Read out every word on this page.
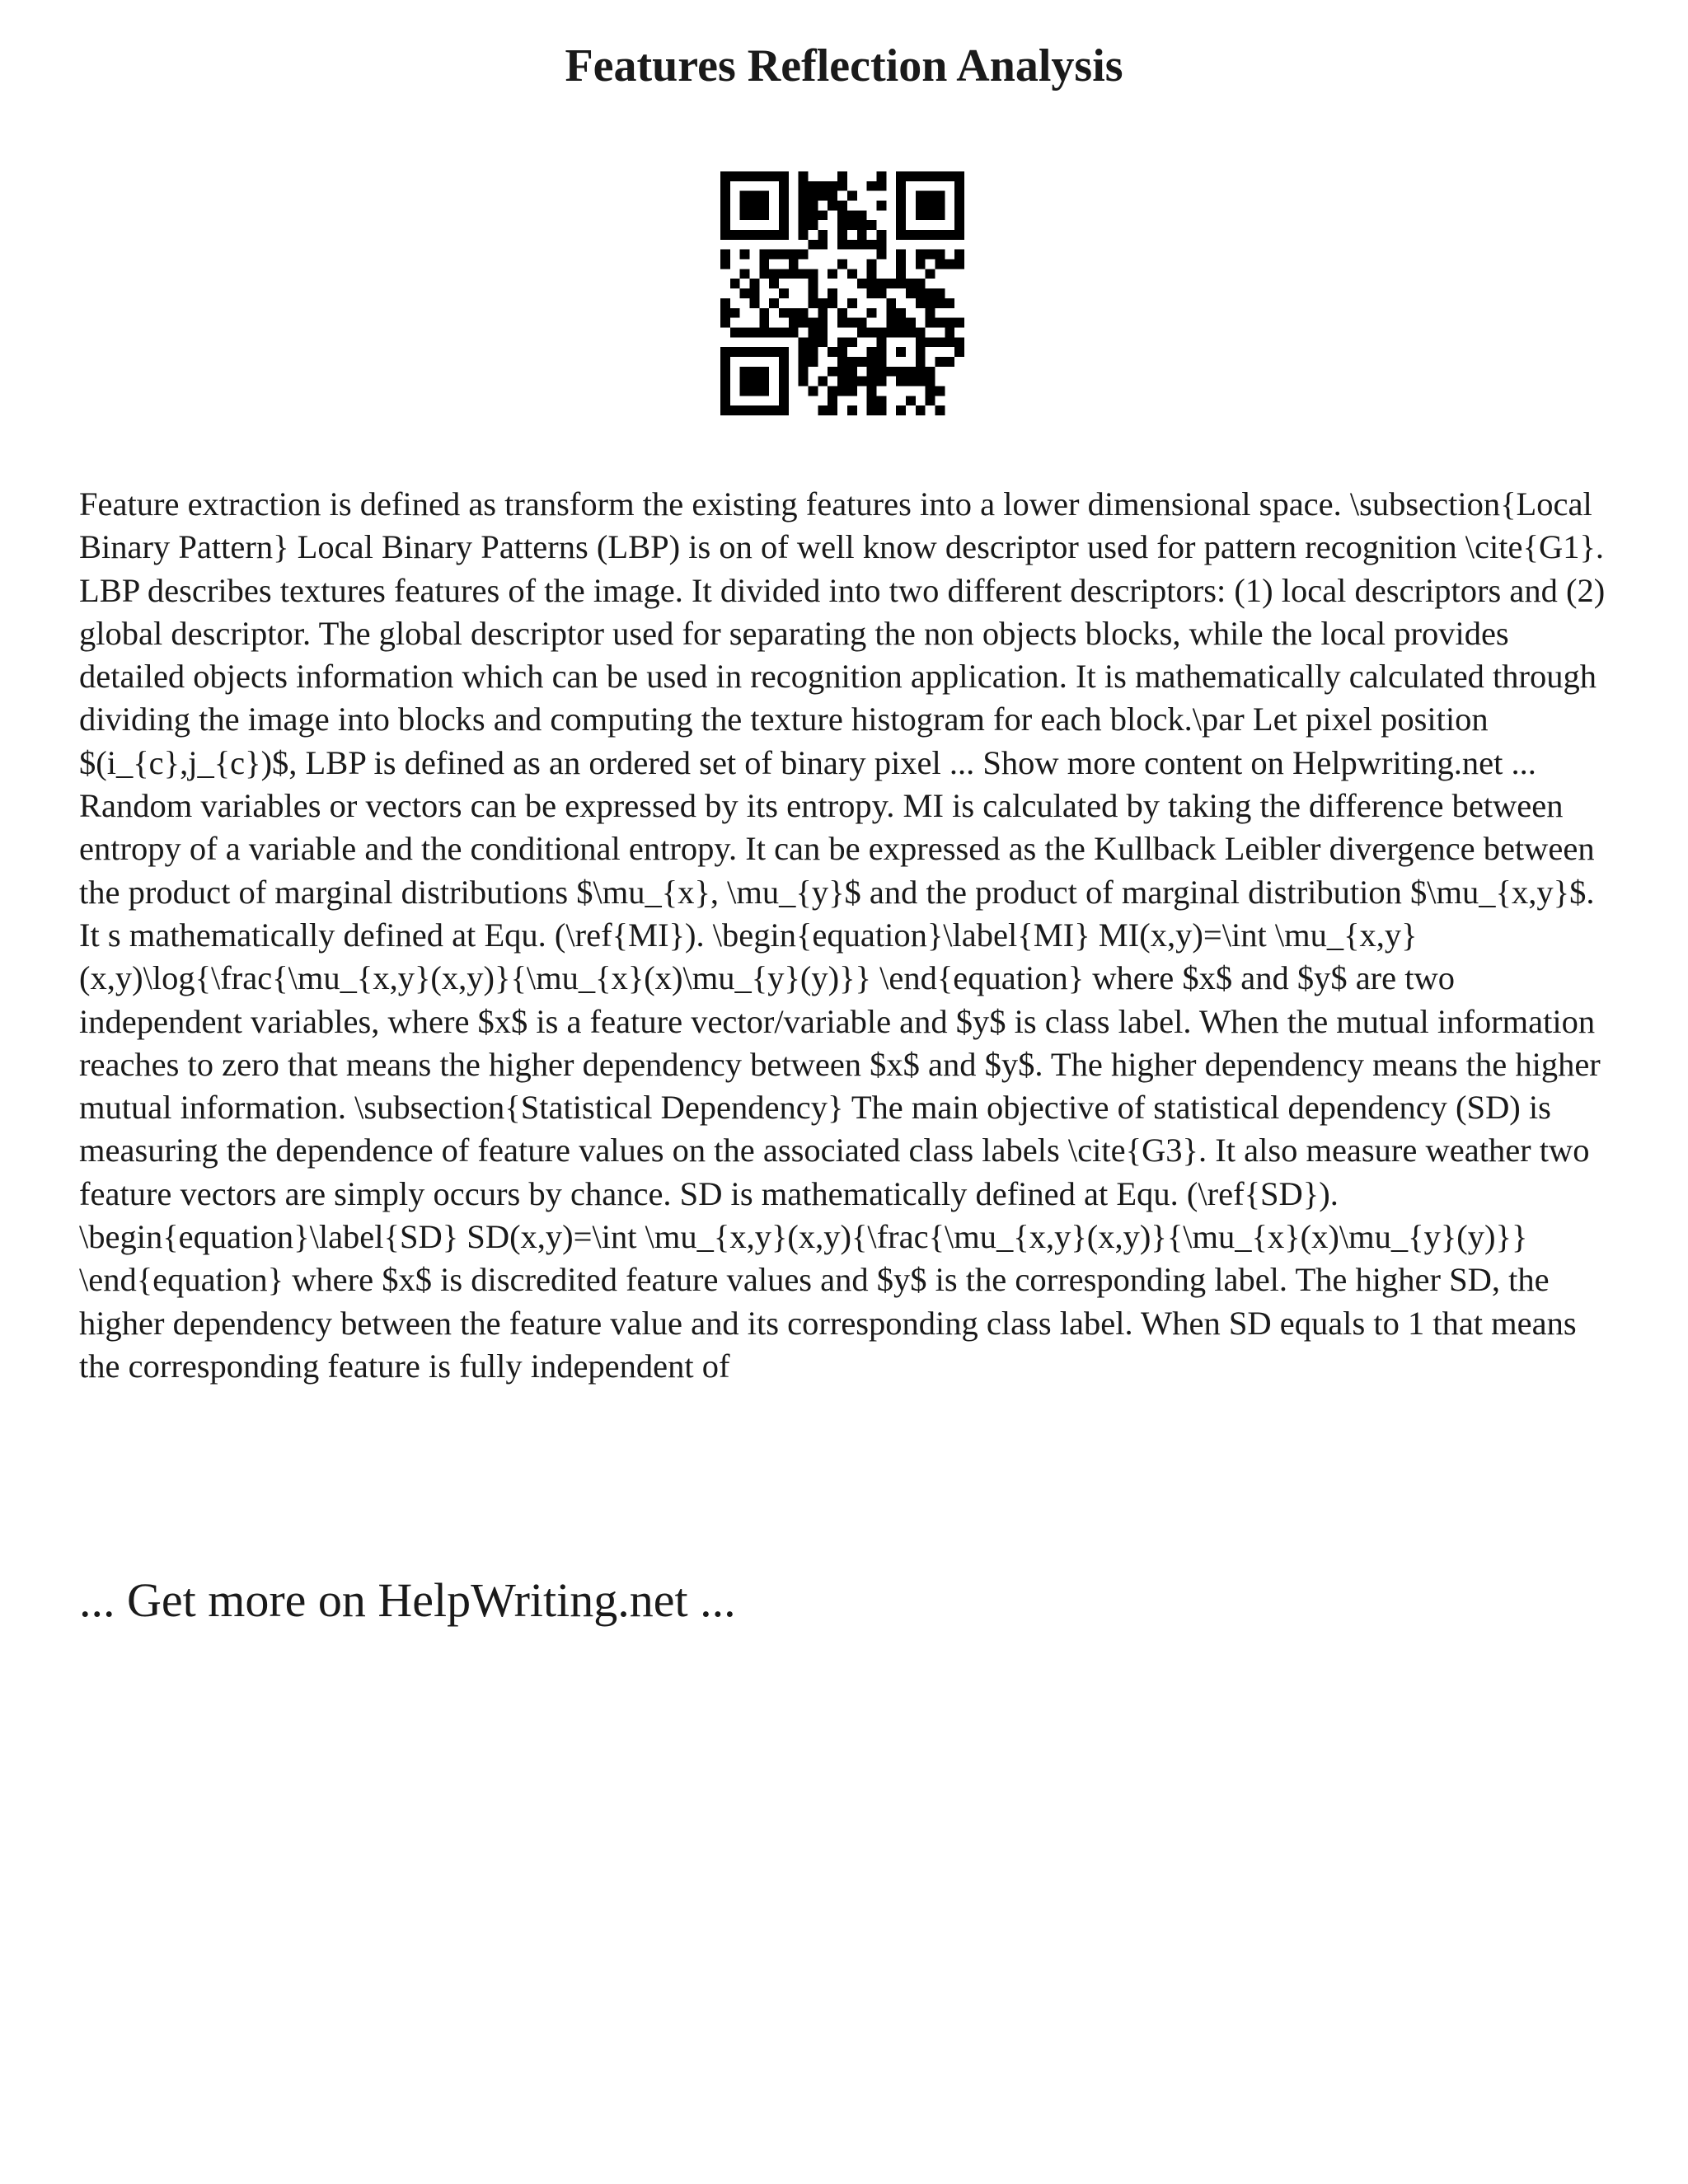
Features Reflection Analysis

Feature extraction is defined as transform the existing features into a lower dimensional space. \subsection{Local Binary Pattern} Local Binary Patterns (LBP) is on of well know descriptor used for pattern recognition \cite{G1}. LBP describes textures features of the image. It divided into two different descriptors: (1) local descriptors and (2) global descriptor. The global descriptor used for separating the non objects blocks, while the local provides detailed objects information which can be used in recognition application. It is mathematically calculated through dividing the image into blocks and computing the texture histogram for each block.\par Let pixel position $(i_{c},j_{c})$, LBP is defined as an ordered set of binary pixel ... Show more content on Helpwriting.net ...

Random variables or vectors can be expressed by its entropy. MI is calculated by taking the difference between entropy of a variable and the conditional entropy. It can be expressed as the Kullback Leibler divergence between the product of marginal distributions $\mu_{x}, \mu_{y}$ and the product of marginal distribution $\mu_{x,y}$. It s mathematically defined at Equ. (\ref{MI}). \begin{equation}\label{MI} MI(x,y)=\int \mu_{x,y}(x,y)\log{\frac{\mu_{x,y}(x,y)}{\mu_{x}(x)\mu_{y}(y)}} \end{equation} where $x$ and $y$ are two independent variables, where $x$ is a feature vector/variable and $y$ is class label. When the mutual information reaches to zero that means the higher dependency between $x$ and $y$. The higher dependency means the higher mutual information. \subsection{Statistical Dependency} The main objective of statistical dependency (SD) is measuring the dependence of feature values on the associated class labels \cite{G3}. It also measure weather two feature vectors are simply occurs by chance. SD is mathematically defined at Equ. (\ref{SD}). \begin{equation}\label{SD} SD(x,y)=\int \mu_{x,y}(x,y){\frac{\mu_{x,y}(x,y)}{\mu_{x}(x)\mu_{y}(y)}} \end{equation} where $x$ is discredited feature values and $y$ is the corresponding label. The higher SD, the higher dependency between the feature value and its corresponding class label. When SD equals to 1 that means the corresponding feature is fully independent of

... Get more on HelpWriting.net ...
